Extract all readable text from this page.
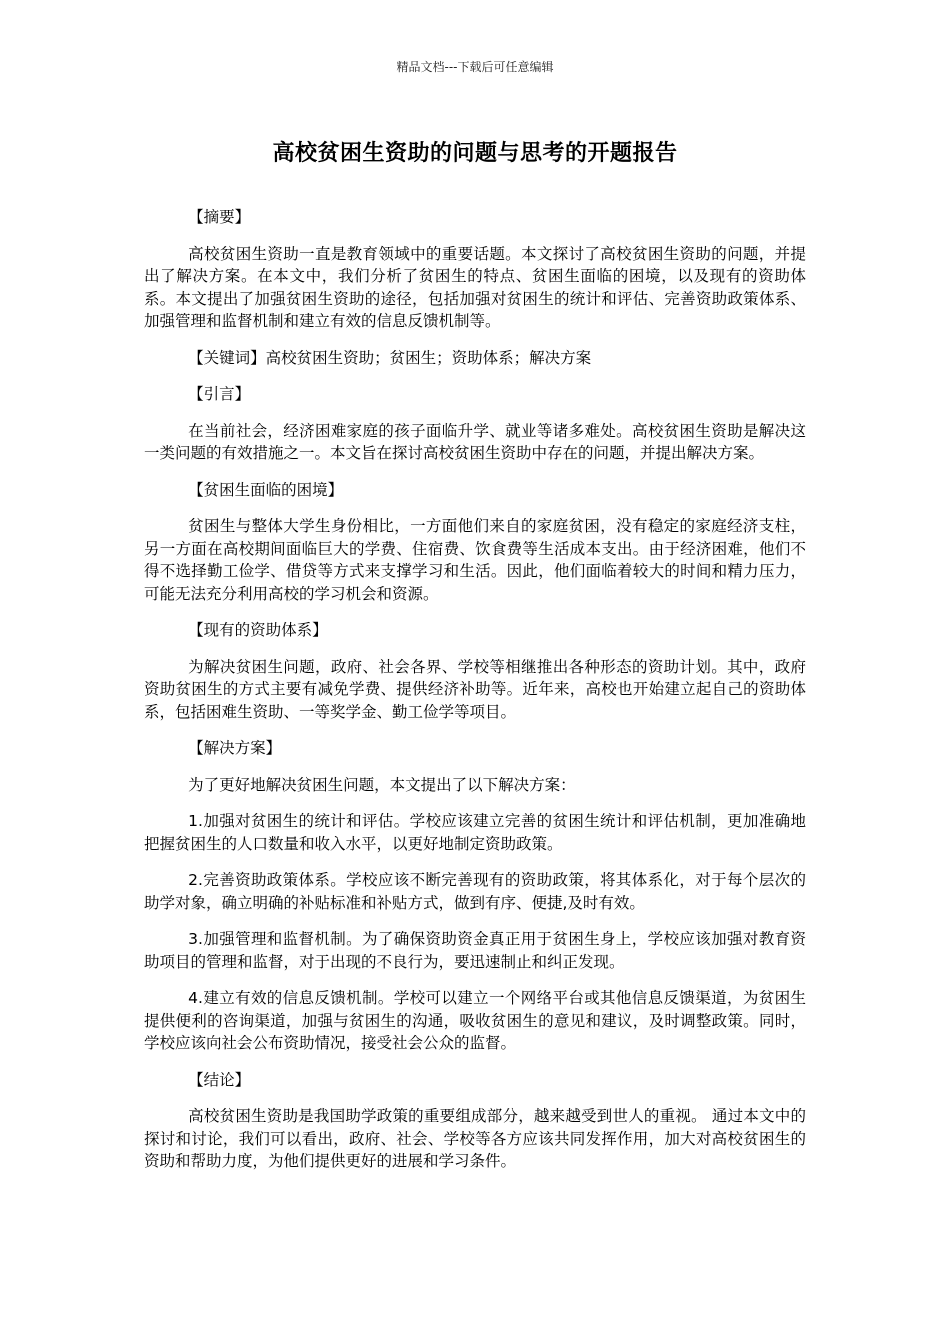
精品文档---下载后可任意编辑
高校贫困生资助的问题与思考的开题报告

【摘要】

高校贫困生资助一直是教育领域中的重要话题。本文探讨了高校贫困生资助的问题，并提出了解决方案。在本文中，我们分析了贫困生的特点、贫困生面临的困境，以及现有的资助体系。本文提出了加强贫困生资助的途径，包括加强对贫困生的统计和评估、完善资助政策体系、加强管理和监督机制和建立有效的信息反馈机制等。

【关键词】高校贫困生资助；贫困生；资助体系；解决方案

【引言】

在当前社会，经济困难家庭的孩子面临升学、就业等诸多难处。高校贫困生资助是解决这一类问题的有效措施之一。本文旨在探讨高校贫困生资助中存在的问题，并提出解决方案。

【贫困生面临的困境】

贫困生与整体大学生身份相比，一方面他们来自的家庭贫困，没有稳定的家庭经济支柱，另一方面在高校期间面临巨大的学费、住宿费、饮食费等生活成本支出。由于经济困难，他们不得不选择勤工俭学、借贷等方式来支撑学习和生活。因此，他们面临着较大的时间和精力压力，可能无法充分利用高校的学习机会和资源。

【现有的资助体系】

为解决贫困生问题，政府、社会各界、学校等相继推出各种形态的资助计划。其中，政府资助贫困生的方式主要有减免学费、提供经济补助等。近年来，高校也开始建立起自己的资助体系，包括困难生资助、一等奖学金、勤工俭学等项目。

【解决方案】

为了更好地解决贫困生问题，本文提出了以下解决方案：

1.加强对贫困生的统计和评估。学校应该建立完善的贫困生统计和评估机制，更加准确地把握贫困生的人口数量和收入水平，以更好地制定资助政策。

2.完善资助政策体系。学校应该不断完善现有的资助政策，将其体系化，对于每个层次的助学对象，确立明确的补贴标准和补贴方式，做到有序、便捷,及时有效。

3.加强管理和监督机制。为了确保资助资金真正用于贫困生身上，学校应该加强对教育资助项目的管理和监督，对于出现的不良行为，要迅速制止和纠正发现。

4.建立有效的信息反馈机制。学校可以建立一个网络平台或其他信息反馈渠道，为贫困生提供便利的咨询渠道，加强与贫困生的沟通，吸收贫困生的意见和建议，及时调整政策。同时，学校应该向社会公布资助情况，接受社会公众的监督。

【结论】

高校贫困生资助是我国助学政策的重要组成部分，越来越受到世人的重视。 通过本文中的探讨和讨论，我们可以看出，政府、社会、学校等各方应该共同发挥作用，加大对高校贫困生的资助和帮助力度，为他们提供更好的进展和学习条件。
